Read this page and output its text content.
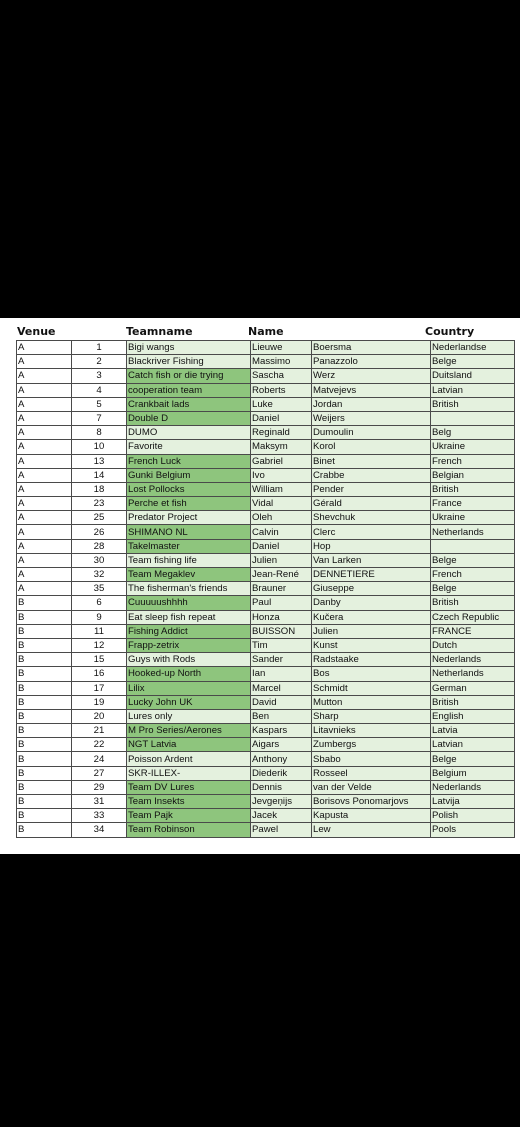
Venue	Teamname	Name	Country
A	1	Bigi wangs	Lieuwe	Boersma	Nederlandse
A	2	Blackriver Fishing	Massimo	Panazzolo	Belge
A	3	Catch fish or die trying	Sascha	Werz	Duitsland
A	4	cooperation team	Roberts	Matvejevs	Latvian
A	5	Crankbait lads	Luke	Jordan	British
A	7	Double D	Daniel	Weijers	
A	8	DUMO	Reginald	Dumoulin	Belg
A	10	Favorite	Maksym	Korol	Ukraine
A	13	French Luck	Gabriel	Binet	French
A	14	Gunki Belgium	Ivo	Crabbe	Belgian
A	18	Lost Pollocks	William	Pender	British
A	23	Perche et fish	Vidal	Gérald	France
A	25	Predator Project	Oleh	Shevchuk	Ukraine
A	26	SHIMANO NL	Calvin	Clerc	Netherlands
A	28	Takelmaster	Daniel	Hop	
A	30	Team fishing life	Julien	Van Larken	Belge
A	32	Team Megaklev	Jean-René	DENNETIERE	French
A	35	The fisherman's friends	Brauner	Giuseppe	Belge
B	6	Cuuuuushhhh	Paul	Danby	British
B	9	Eat sleep fish repeat	Honza	Kučera	Czech Republic
B	11	Fishing Addict	BUISSON	Julien	FRANCE
B	12	Frapp-zetrix	Tim	Kunst	Dutch
B	15	Guys with Rods	Sander	Radstaake	Nederlands
B	16	Hooked-up North	Ian	Bos	Netherlands
B	17	Lilix	Marcel	Schmidt	German
B	19	Lucky John UK	David	Mutton	British
B	20	Lures only	Ben	Sharp	English
B	21	M Pro Series/Aerones	Kaspars	Litavnieks	Latvia
B	22	NGT Latvia	Aigars	Zumbergs	Latvian
B	24	Poisson Ardent	Anthony	Sbabo	Belge
B	27	SKR-ILLEX-	Diederik	Rosseel	Belgium
B	29	Team DV Lures	Dennis	van der Velde	Nederlands
B	31	Team Insekts	Jevgeņijs	Borisovs Ponomarjovs	Latvija
B	33	Team Pajk	Jacek	Kapusta	Polish
B	34	Team Robinson	Pawel	Lew	Pools
